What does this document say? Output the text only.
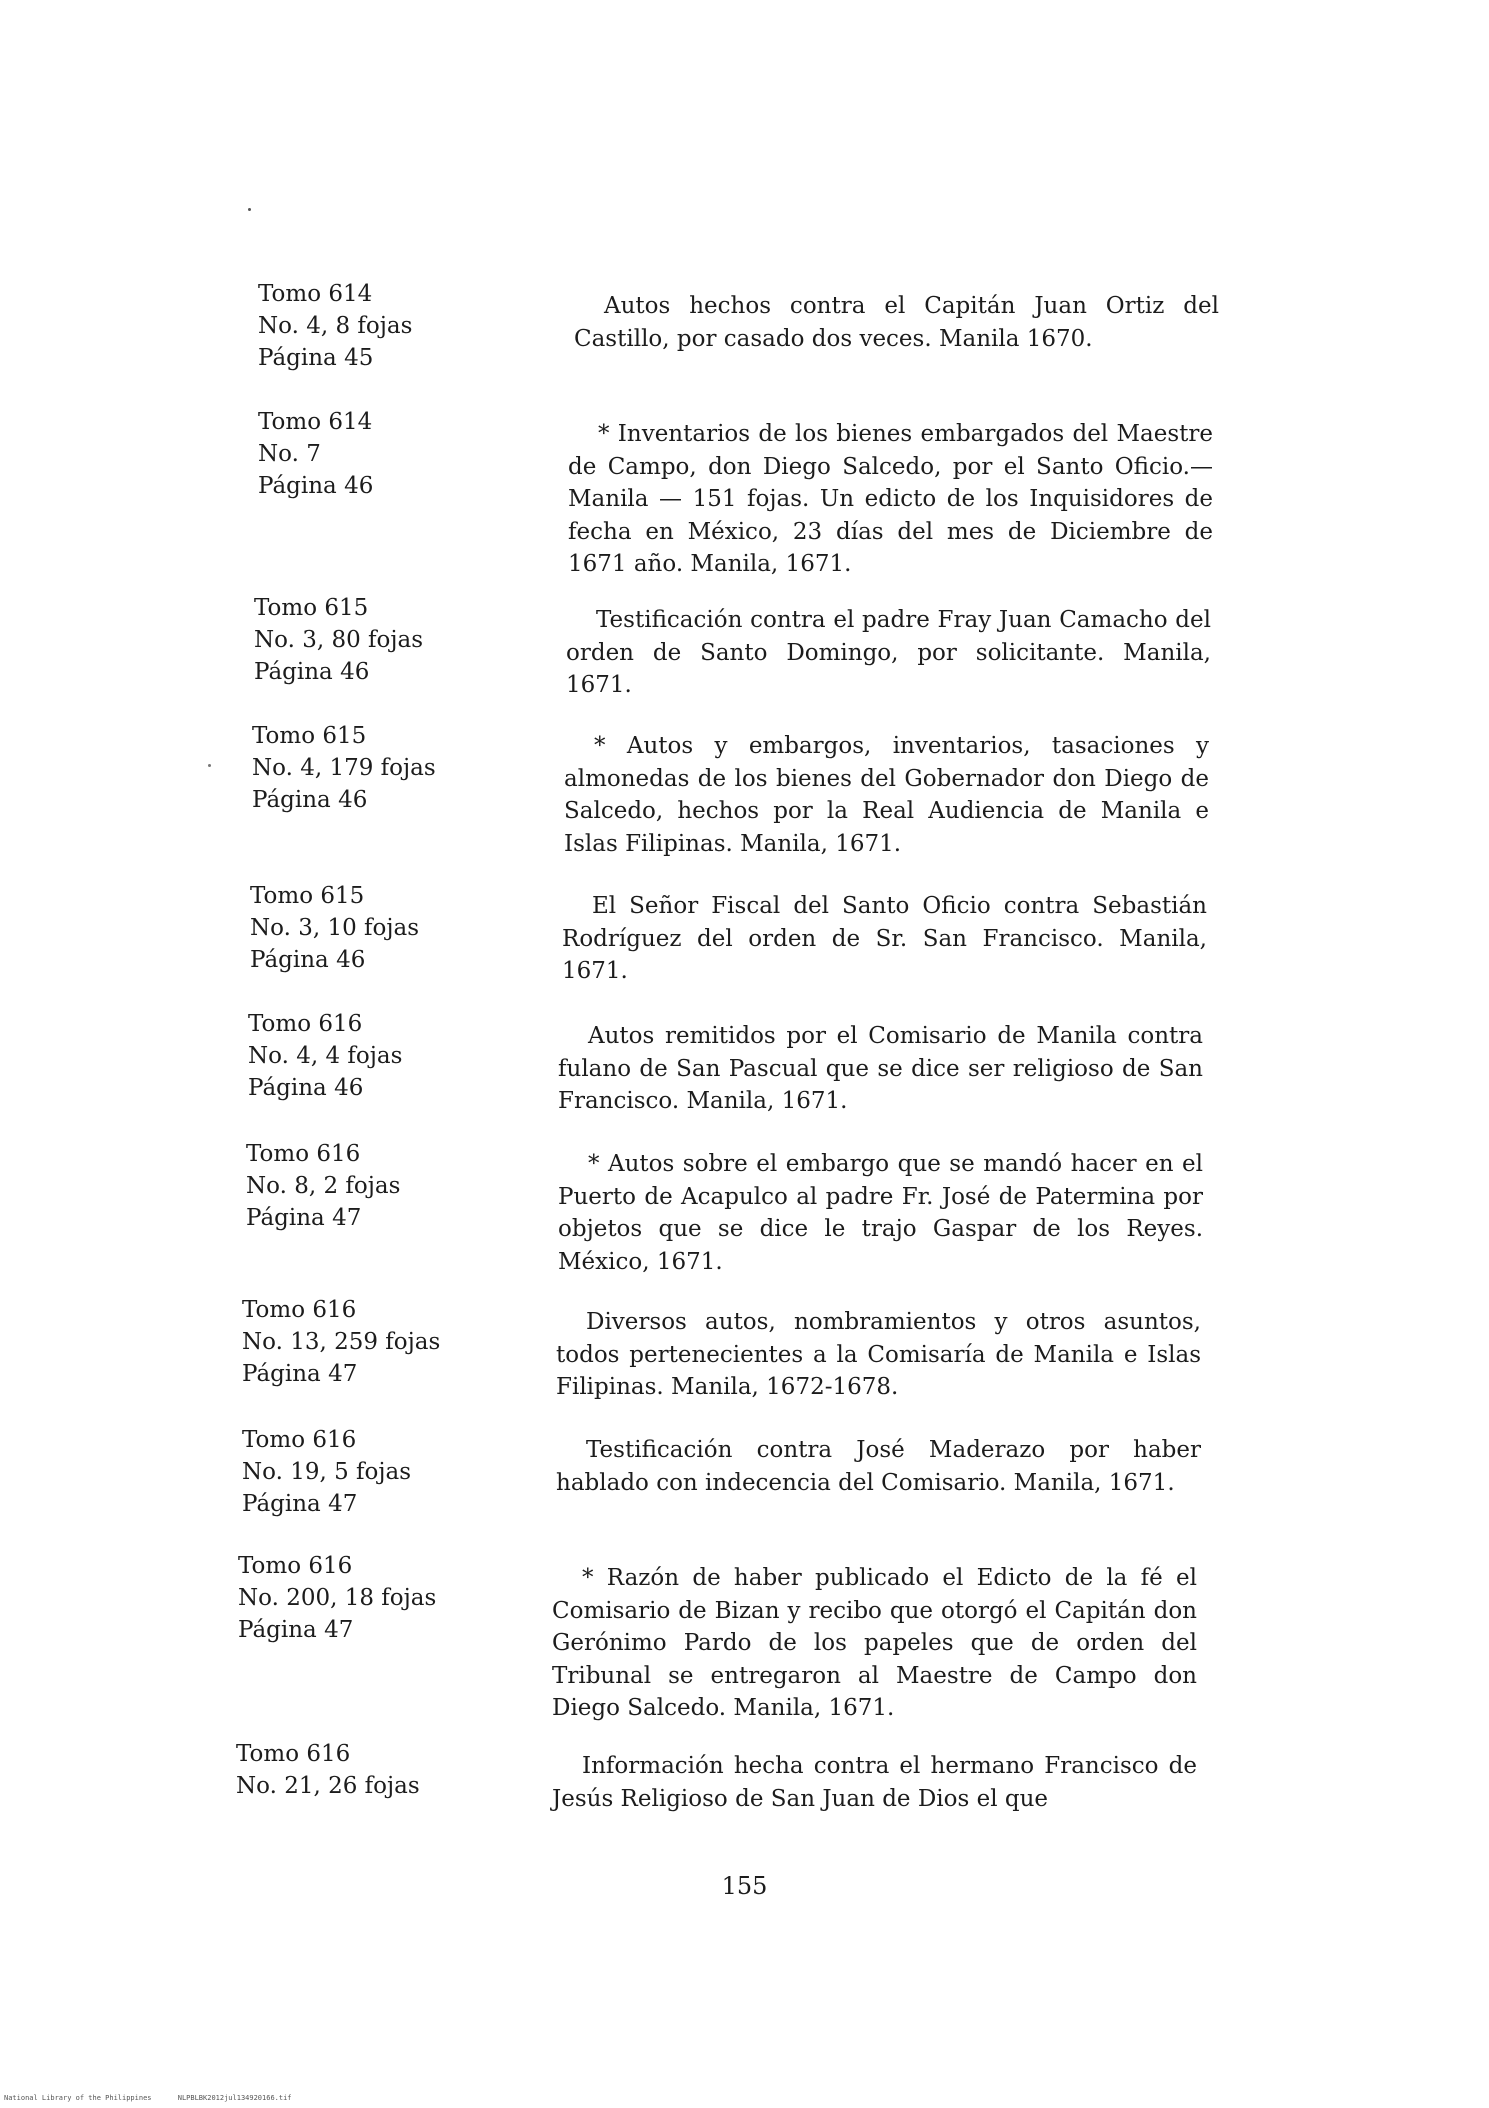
Tomo 614
No. 4, 8 fojas
Página 45

Autos hechos contra el Capitán Juan Ortiz del Castillo, por casado dos veces. Manila 1670.

Tomo 614
No. 7
Página 46

* Inventarios de los bienes embargados del Maestre de Campo, don Diego Salcedo, por el Santo Oficio.—Manila — 151 fojas. Un edicto de los Inquisidores de fecha en México, 23 días del mes de Diciembre de 1671 año. Manila, 1671.

Tomo 615
No. 3, 80 fojas
Página 46

Testificación contra el padre Fray Juan Camacho del orden de Santo Domingo, por solicitante. Manila, 1671.

Tomo 615
No. 4, 179 fojas
Página 46

* Autos y embargos, inventarios, tasaciones y almonedas de los bienes del Gobernador don Diego de Salcedo, hechos por la Real Audiencia de Manila e Islas Filipinas. Manila, 1671.

Tomo 615
No. 3, 10 fojas
Página 46

El Señor Fiscal del Santo Oficio contra Sebastián Rodríguez del orden de Sr. San Francisco. Manila, 1671.

Tomo 616
No. 4, 4 fojas
Página 46

Autos remitidos por el Comisario de Manila contra fulano de San Pascual que se dice ser religioso de San Francisco. Manila, 1671.

Tomo 616
No. 8, 2 fojas
Página 47

* Autos sobre el embargo que se mandó hacer en el Puerto de Acapulco al padre Fr. José de Patermina por objetos que se dice le trajo Gaspar de los Reyes. México, 1671.

Tomo 616
No. 13, 259 fojas
Página 47

Diversos autos, nombramientos y otros asuntos, todos pertenecientes a la Comisaría de Manila e Islas Filipinas. Manila, 1672-1678.

Tomo 616
No. 19, 5 fojas
Página 47

Testificación contra José Maderazo por haber hablado con indecencia del Comisario. Manila, 1671.

Tomo 616
No. 200, 18 fojas
Página 47

* Razón de haber publicado el Edicto de la fé el Comisario de Bizan y recibo que otorgó el Capitán don Gerónimo Pardo de los papeles que de orden del Tribunal se entregaron al Maestre de Campo don Diego Salcedo. Manila, 1671.

Tomo 616
No. 21, 26 fojas

Información hecha contra el hermano Francisco de Jesús Religioso de San Juan de Dios el que

155
National Library of the Philippines	NLPBLBK2012jul134920166.tif
